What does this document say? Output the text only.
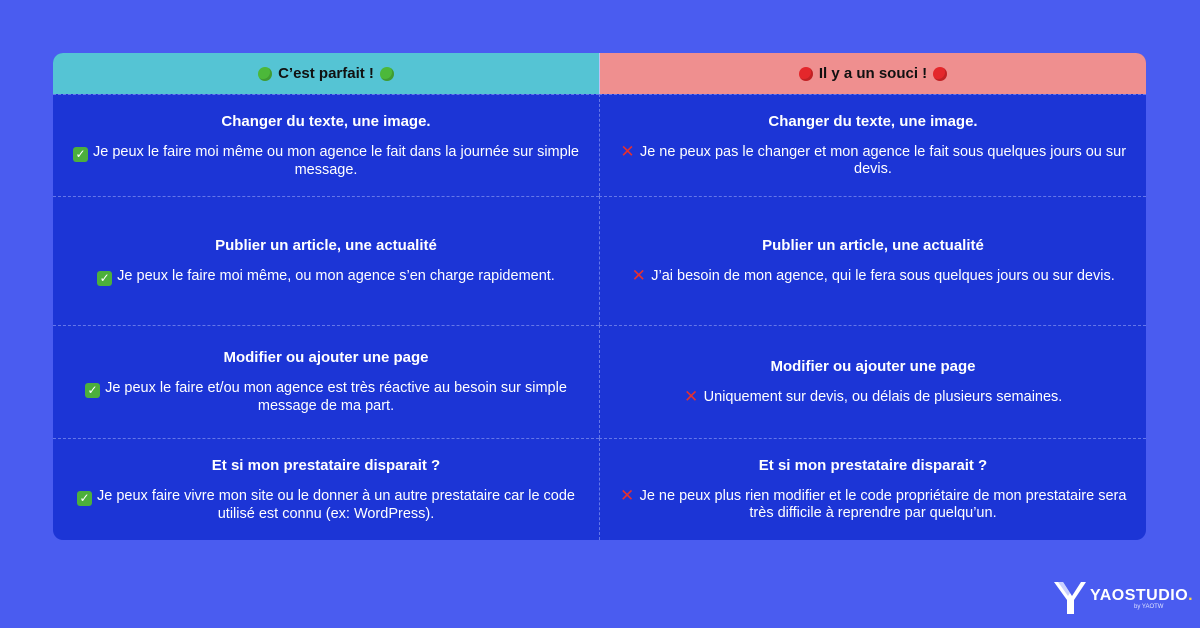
C’est parfait !	Il y a un souci !
Changer du texte, une image.
✓ Je peux le faire moi même ou mon agence le fait dans la journée sur simple message.
Changer du texte, une image.
✕ Je ne peux pas le changer et mon agence le fait sous quelques jours ou sur devis.
Publier un article, une actualité
✓ Je peux le faire moi même, ou mon agence s’en charge rapidement.
Publier un article, une actualité
✕ J’ai besoin de mon agence, qui le fera sous quelques jours ou sur devis.
Modifier ou ajouter une page
✓ Je peux le faire et/ou mon agence est très réactive au besoin sur simple message de ma part.
Modifier ou ajouter une page
✕ Uniquement sur devis, ou délais de plusieurs semaines.
Et si mon prestataire disparait ?
✓ Je peux faire vivre mon site ou le donner à un autre prestataire car le code utilisé est connu (ex: WordPress).
Et si mon prestataire disparait ?
✕ Je ne peux plus rien modifier et le code propriétaire de mon prestataire sera très difficile à reprendre par quelqu’un.
YAOSTUDIO.
by YAOTW
